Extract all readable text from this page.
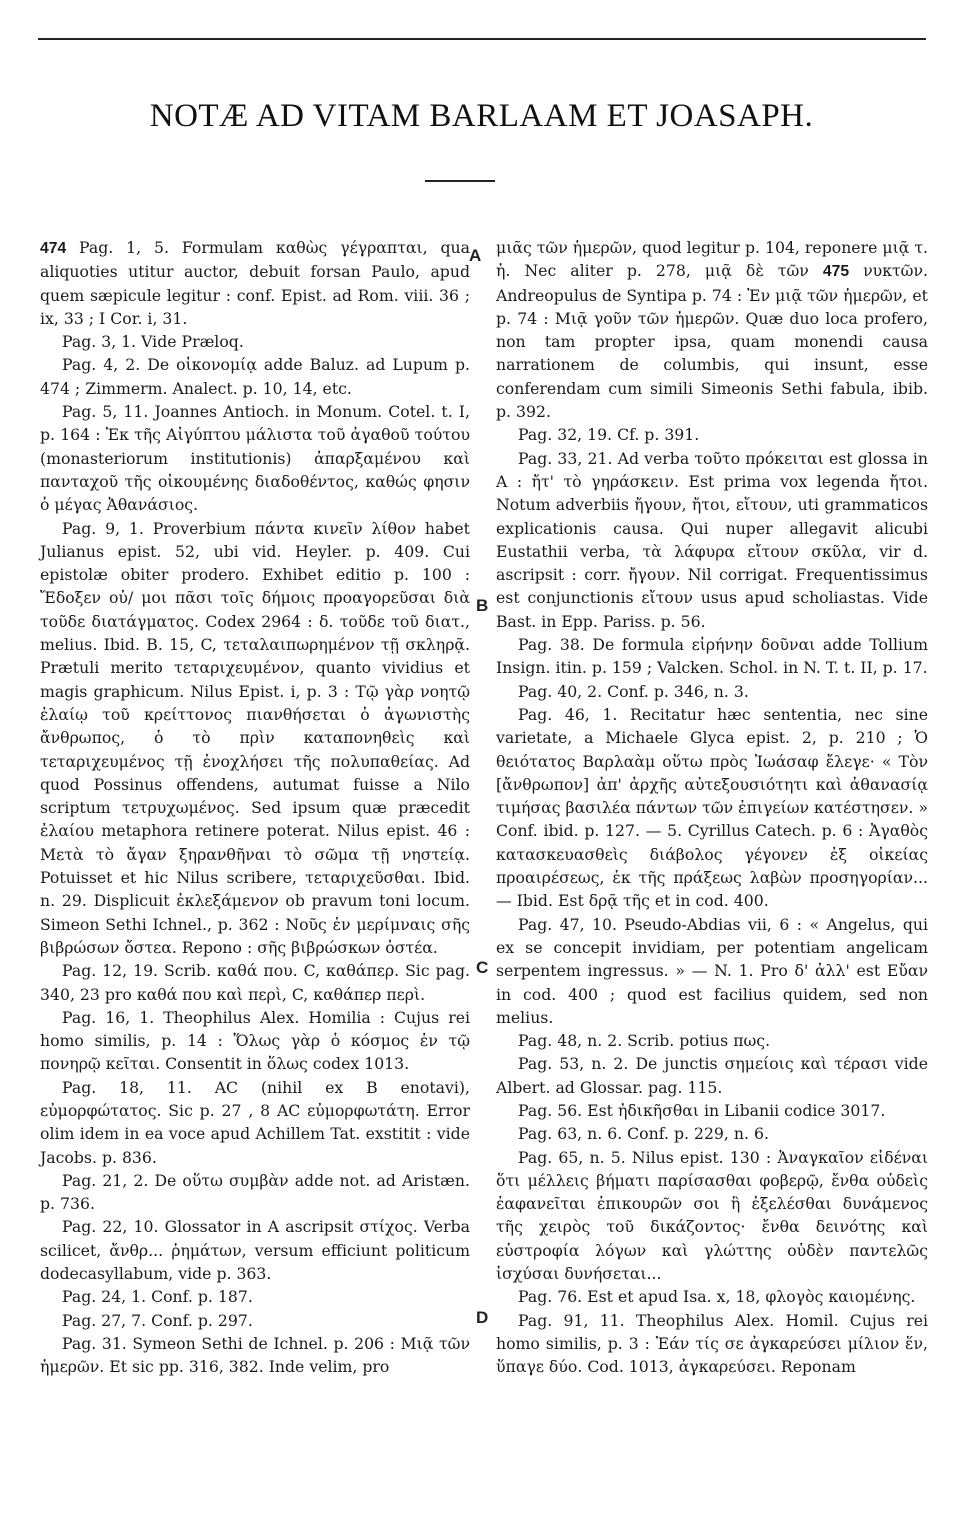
NOTÆ AD VITAM BARLAAM ET JOASAPH.
A
B
C
D

474 Pag. 1, 5. Formulam καθὼς γέγραπται, qua aliquoties utitur auctor, debuit forsan Paulo, apud quem sæpicule legitur : conf. Epist. ad Rom. viii. 36 ; ix, 33 ; I Cor. i, 31.

Pag. 3, 1. Vide Præloq.

Pag. 4, 2. De οἰκονομίᾳ adde Baluz. ad Lupum p. 474 ; Zimmerm. Analect. p. 10, 14, etc.

Pag. 5, 11. Joannes Antioch. in Monum. Cotel. t. I, p. 164 : Ἐκ τῆς Αἰγύπτου μάλιστα τοῦ ἀγαθοῦ τούτου (monasteriorum institutionis) ἀπαρξαμένου καὶ πανταχοῦ τῆς οἰκουμένης διαδοθέντος, καθώς φησιν ὁ μέγας Ἀθανάσιος.

Pag. 9, 1. Proverbium πάντα κινεῖν λίθον habet Julianus epist. 52, ubi vid. Heyler. p. 409. Cui epistolæ obiter prodero. Exhibet editio p. 100 : Ἔδοξεν οὐ/ μοι πᾶσι τοῖς δήμοις προαγορεῦσαι διὰ τοῦδε διατάγματος. Codex 2964 : δ. τοῦδε τοῦ διατ., melius. Ibid. B. 15, C, τεταλαιπωρημένον τῇ σκληρᾷ. Prætuli merito τεταριχευμένον, quanto vividius et magis graphicum. Nilus Epist. i, p. 3 : Τῷ γὰρ νοητῷ ἐλαίῳ τοῦ κρείττονος πιανθήσεται ὁ ἀγωνιστὴς ἄνθρωπος, ὁ τὸ πρὶν καταπονηθεὶς καὶ τεταριχευμένος τῇ ἐνοχλήσει τῆς πολυπαθείας. Ad quod Possinus offendens, autumat fuisse a Nilo scriptum τετρυχωμένος. Sed ipsum quæ præcedit ἐλαίου metaphora retinere poterat. Nilus epist. 46 : Μετὰ τὸ ἄγαν ξηρανθῆναι τὸ σῶμα τῇ νηστείᾳ. Potuisset et hic Nilus scribere, τεταριχεῦσθαι. Ibid. n. 29. Displicuit ἐκλεξάμενον ob pravum toni locum. Simeon Sethi Ichnel., p. 362 : Νοῦς ἐν μερίμναις σῆς βιβρώσων ὄστεα. Repono : σῆς βιβρώσκων ὀστέα.

Pag. 12, 19. Scrib. καθά που. C, καθάπερ. Sic pag. 340, 23 pro καθά που καὶ περὶ, C, καθάπερ περὶ.

Pag. 16, 1. Theophilus Alex. Homilia : Cujus rei homo similis, p. 14 : Ὅλως γὰρ ὁ κόσμος ἐν τῷ πονηρῷ κεῖται. Consentit in ὅλως codex 1013.

Pag. 18, 11. AC (nihil ex B enotavi), εὐμορφώτατος. Sic p. 27 , 8 AC εὐμορφωτάτη. Error olim idem in ea voce apud Achillem Tat. exstitit : vide Jacobs. p. 836.

Pag. 21, 2. De οὕτω συμβὰν adde not. ad Aristæn. p. 736.

Pag. 22, 10. Glossator in A ascripsit στίχος. Verba scilicet, ἄνθρ... ῥημάτων, versum efficiunt politicum dodecasyllabum, vide p. 363.

Pag. 24, 1. Conf. p. 187.

Pag. 27, 7. Conf. p. 297.

Pag. 31. Symeon Sethi de Ichnel. p. 206 : Μιᾷ τῶν ἡμερῶν. Et sic pp. 316, 382. Inde velim, pro

μιᾶς τῶν ἡμερῶν, quod legitur p. 104, reponere μιᾷ τ. ἡ. Nec aliter p. 278, μιᾷ δὲ τῶν 475 νυκτῶν. Andreopulus de Syntipa p. 74 : Ἐν μιᾷ τῶν ἡμερῶν, et p. 74 : Μιᾷ γοῦν τῶν ἡμερῶν. Quæ duo loca profero, non tam propter ipsa, quam monendi causa narrationem de columbis, qui insunt, esse conferendam cum simili Simeonis Sethi fabula, ibib. p. 392.

Pag. 32, 19. Cf. p. 391.

Pag. 33, 21. Ad verba τοῦτο πρόκειται est glossa in A : ἤτ' τὸ γηράσκειν. Est prima vox legenda ἤτοι. Notum adverbiis ἤγουν, ἤτοι, εἴτουν, uti grammaticos explicationis causa. Qui nuper allegavit alicubi Eustathii verba, τὰ λάφυρα εἴτουν σκῦλα, vir d. ascripsit : corr. ἤγουν. Nil corrigat. Frequentissimus est conjunctionis εἴτουν usus apud scholiastas. Vide Bast. in Epp. Pariss. p. 56.

Pag. 38. De formula εἰρήνην δοῦναι adde Tollium Insign. itin. p. 159 ; Valcken. Schol. in N. T. t. II, p. 17.

Pag. 40, 2. Conf. p. 346, n. 3.

Pag. 46, 1. Recitatur hæc sententia, nec sine varietate, a Michaele Glyca epist. 2, p. 210 ; Ὁ θειότατος Βαρλαὰμ οὕτω πρὸς Ἰωάσαφ ἔλεγε· « Τὸν [ἄνθρωπον] ἀπ' ἀρχῆς αὐτεξουσιότητι καὶ ἀθανασίᾳ τιμήσας βασιλέα πάντων τῶν ἐπιγείων κατέστησεν. » Conf. ibid. p. 127. — 5. Cyrillus Catech. p. 6 : Ἀγαθὸς κατασκευασθεὶς διάβολος γέγονεν ἐξ οἰκείας προαιρέσεως, ἐκ τῆς πράξεως λαβὼν προσηγορίαν... — Ibid. Est δρᾷ τῆς et in cod. 400.

Pag. 47, 10. Pseudo-Abdias vii, 6 : « Angelus, qui ex se concepit invidiam, per potentiam angelicam serpentem ingressus. » — N. 1. Pro δ' ἀλλ' est Εὔαν in cod. 400 ; quod est facilius quidem, sed non melius.

Pag. 48, n. 2. Scrib. potius πως.

Pag. 53, n. 2. De junctis σημείοις καὶ τέρασι vide Albert. ad Glossar. pag. 115.

Pag. 56. Est ἠδικῆσθαι in Libanii codice 3017.

Pag. 63, n. 6. Conf. p. 229, n. 6.

Pag. 65, n. 5. Nilus epist. 130 : Ἀναγκαῖον εἰδέναι ὅτι μέλλεις βήματι παρίσασθαι φοβερῷ, ἔνθα οὐδεὶς ἐαφανεῖται ἐπικουρῶν σοι ἢ ἐξελέσθαι δυνάμενος τῆς χειρὸς τοῦ δικάζοντος· ἔνθα δεινότης καὶ εὐστροφία λόγων καὶ γλώττης οὐδὲν παντελῶς ἰσχύσαι δυνήσεται...

Pag. 76. Est et apud Isa. x, 18, φλογὸς καιομένης.

Pag. 91, 11. Theophilus Alex. Homil. Cujus rei homo similis, p. 3 : Ἐάν τίς σε ἀγκαρεύσει μίλιον ἕν, ὕπαγε δύο. Cod. 1013, ἀγκαρεύσει. Reponam
